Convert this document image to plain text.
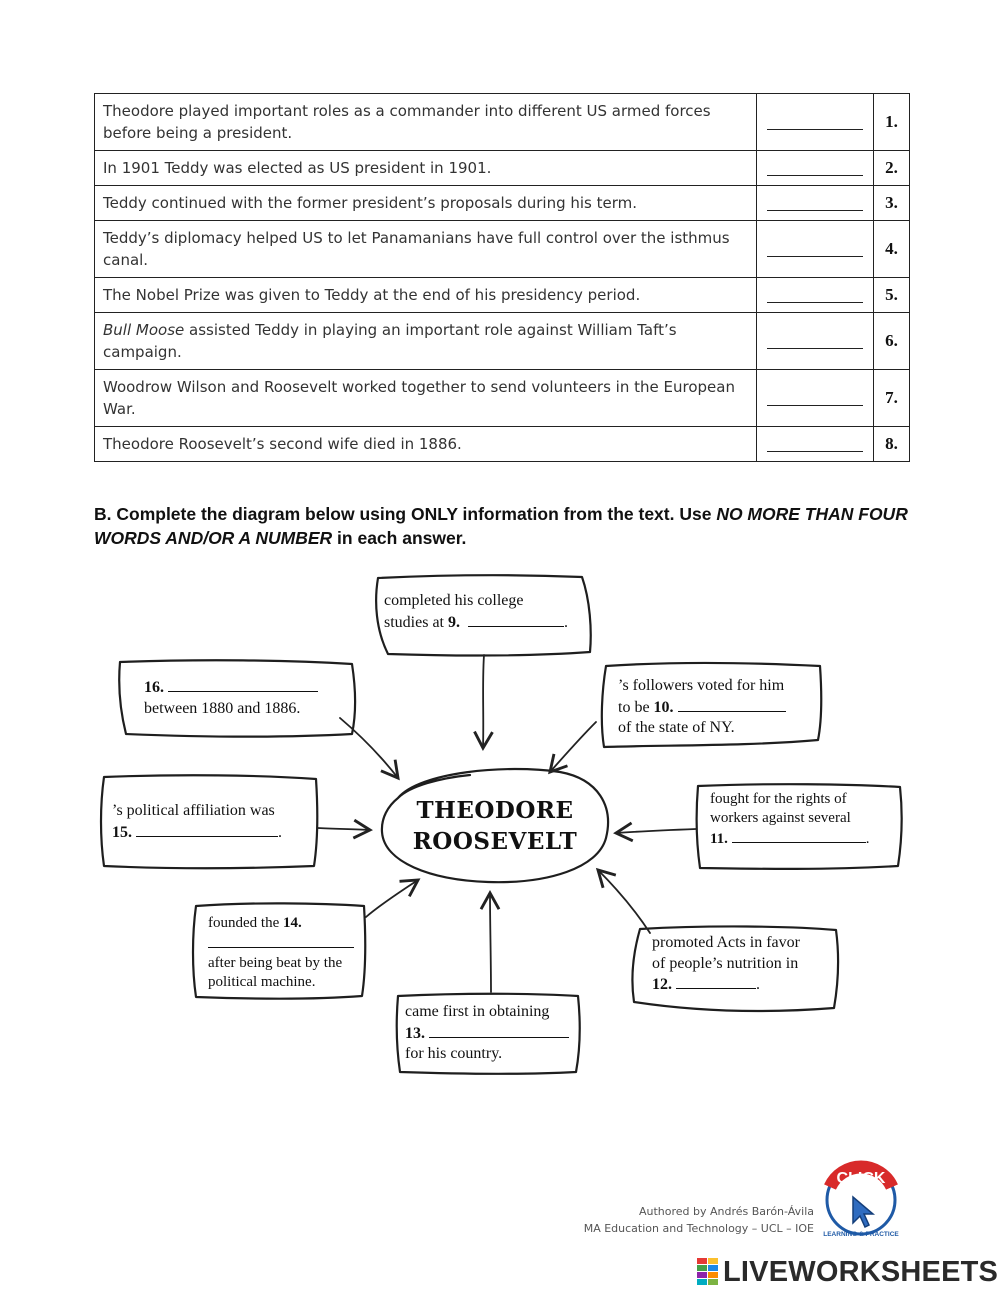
Theodore played important roles as a commander into different US armed forces before being a president.		1.
In 1901 Teddy was elected as US president in 1901.		2.
Teddy continued with the former president’s proposals during his term.		3.
Teddy’s diplomacy helped US to let Panamanians have full control over the isthmus canal.		4.
The Nobel Prize was given to Teddy at the end of his presidency period.		5.
Bull Moose assisted Teddy in playing an important role against William Taft’s campaign.		6.
Woodrow Wilson and Roosevelt worked together to send volunteers in the European War.		7.
Theodore Roosevelt’s second wife died in 1886.		8.
B. Complete the diagram below using ONLY information from the text. Use NO MORE THAN FOUR WORDS AND/OR A NUMBER in each answer.
THEODORE
ROOSEVELT
completed his college
studies at 9.	.
’s followers voted for him
to be 10.
of the state of NY.
16.
between 1880 and 1886.
’s political affiliation was
15.	.
fought for the rights of
workers against several
11.	.
founded the 14.
after being beat by the
political machine.
promoted Acts in favor
of people’s nutrition in
12.	.
came first in obtaining
13.
for his country.
Authored by Andrés Barón-Ávila
MA Education and Technology – UCL – IOE
CLICK
LEARNING & PRACTICE
LIVEWORKSHEETS
